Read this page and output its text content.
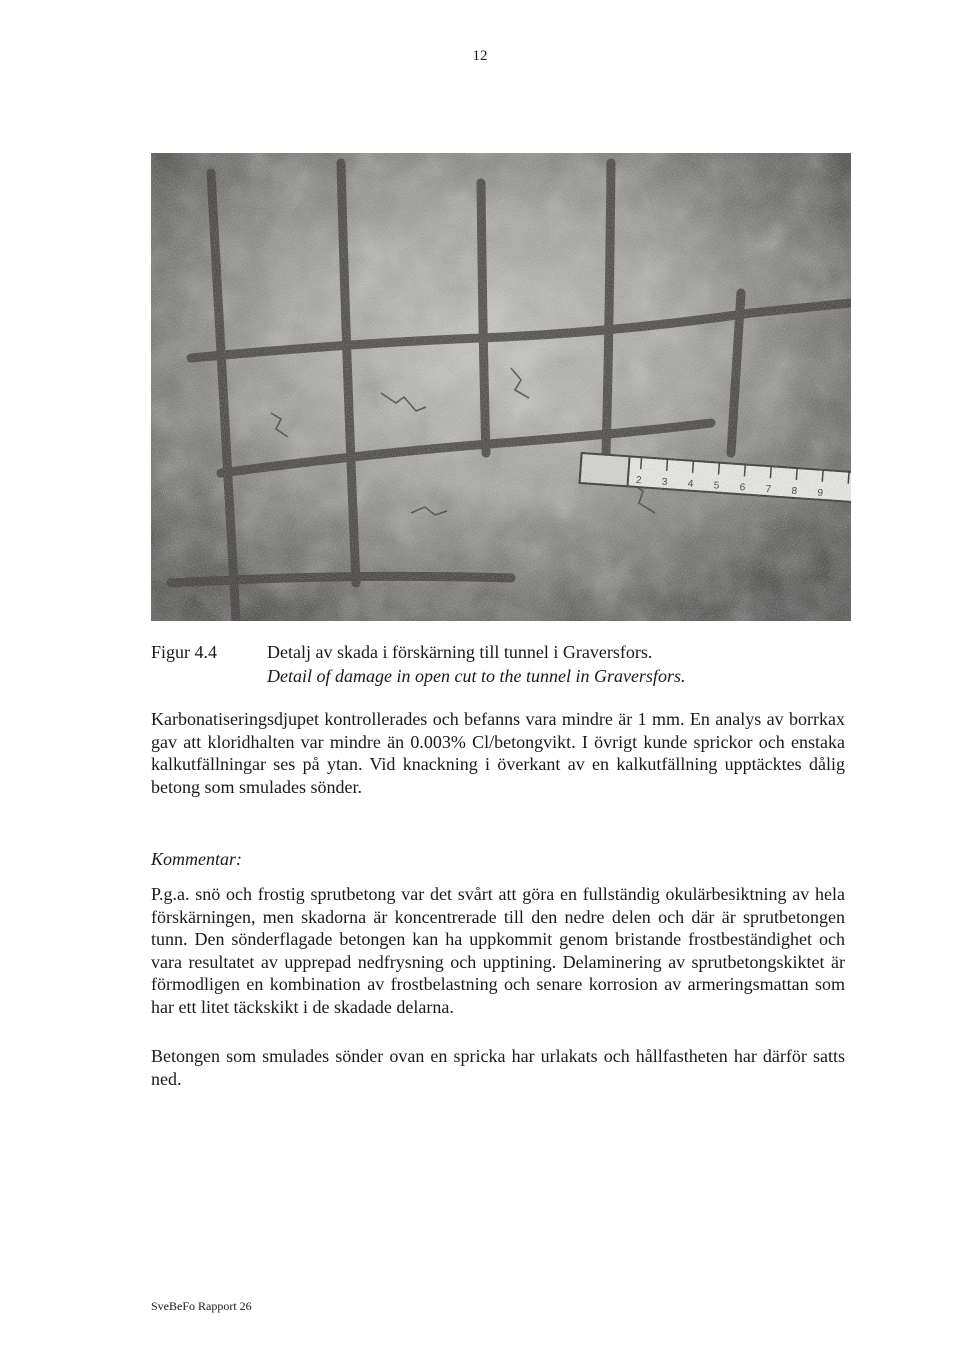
12
Figur 4.4	Detalj av skada i förskärning till tunnel i Graversfors.
Detail of damage in open cut to the tunnel in Graversfors.
Karbonatiseringsdjupet kontrollerades och befanns vara mindre är 1 mm. En analys av borrkax gav att kloridhalten var mindre än 0.003% Cl/betongvikt. I övrigt kunde sprickor och enstaka kalkutfällningar ses på ytan. Vid knackning i överkant av en kalkutfällning upptäcktes dålig betong som smulades sönder.
Kommentar:
P.g.a. snö och frostig sprutbetong var det svårt att göra en fullständig okulärbesiktning av hela förskärningen, men skadorna är koncentrerade till den nedre delen och där är sprutbetongen tunn. Den sönderflagade betongen kan ha uppkommit genom bristande frostbeständighet och vara resultatet av upprepad nedfrysning och upptining. Delaminering av sprutbetongskiktet är förmodligen en kombination av frostbelastning och senare korrosion av armeringsmattan som har ett litet täckskikt i de skadade delarna.
Betongen som smulades sönder ovan en spricka har urlakats och hållfastheten har därför satts ned.
SveBeFo Rapport 26
